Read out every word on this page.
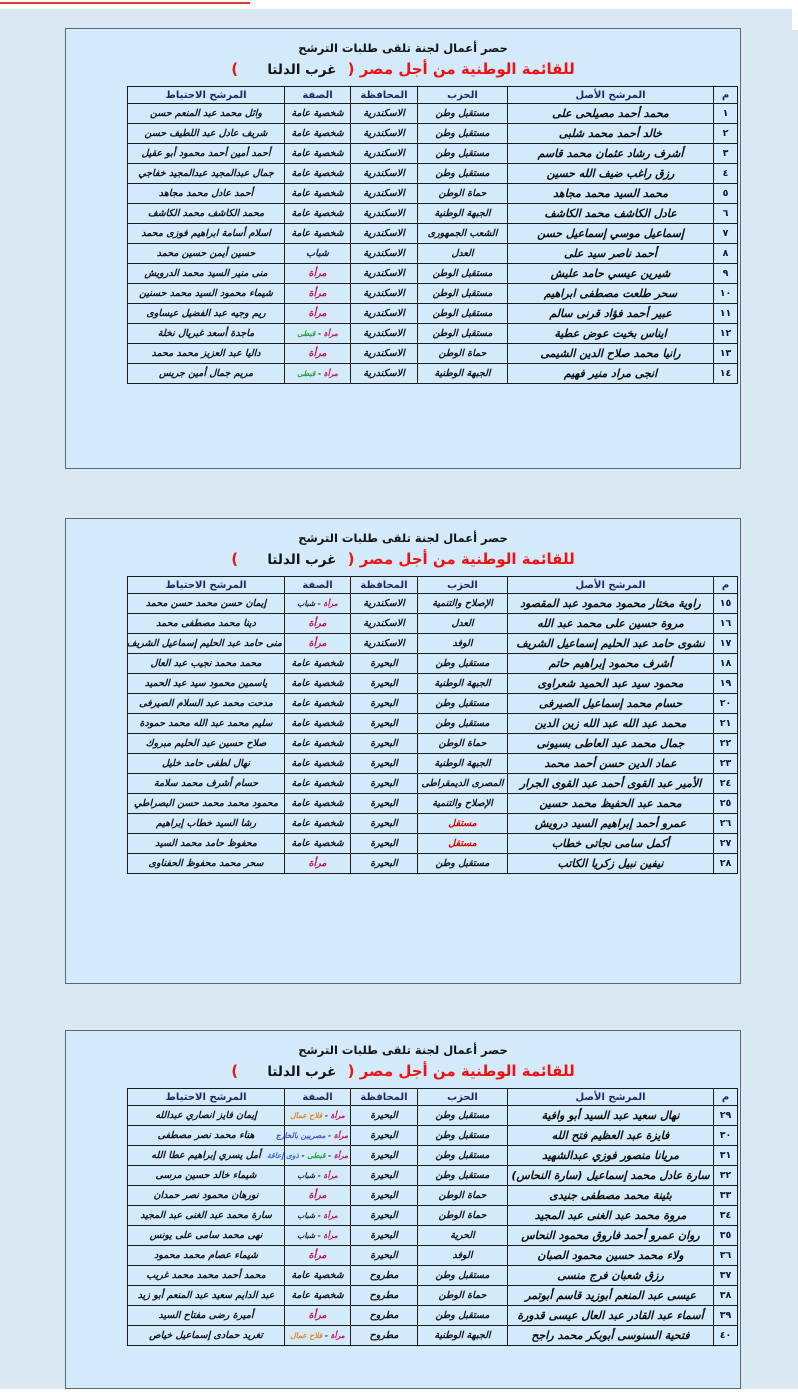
حصر أعمال لجنة تلقى طلبات الترشح
للقائمة الوطنية من أجل مصر ( غرب الدلتا )
م	المرشح الأصل	الحزب	المحافظة	الصفة	المرشح الاحتياط
١	محمد أحمد مصيلحى على	مستقبل وطن	الاسكندرية	شخصية عامة	وائل محمد عبد المنعم حسن
٢	خالد أحمد محمد شلبى	مستقبل وطن	الاسكندرية	شخصية عامة	شريف عادل عبد اللطيف حسن
٣	أشرف رشاد عثمان محمد قاسم	مستقبل وطن	الاسكندرية	شخصية عامة	أحمد أمين أحمد محمود أبو عقيل
٤	رزق راغب ضيف الله حسين	مستقبل وطن	الاسكندرية	شخصية عامة	جمال عبدالمجيد عبدالمجيد خفاجي
٥	محمد السيد محمد مجاهد	حماة الوطن	الاسكندرية	شخصية عامة	أحمد عادل محمد مجاهد
٦	عادل الكاشف محمد الكاشف	الجبهة الوطنية	الاسكندرية	شخصية عامة	محمد الكاشف محمد الكاشف
٧	إسماعيل موسي إسماعيل حسن	الشعب الجمهورى	الاسكندرية	شخصية عامة	اسلام أسامة ابراهيم فوزى محمد
٨	أحمد ناصر سيد على	العدل	الاسكندرية	شباب	حسين أيمن حسين محمد
٩	شيرين عيسي حامد عليش	مستقبل الوطن	الاسكندرية	مرأة	منى منير السيد محمد الدرويش
١٠	سحر طلعت مصطفى ابراهيم	مستقبل الوطن	الاسكندرية	مرأة	شيماء محمود السيد محمد حسنين
١١	عبير أحمد فؤاد قرنى سالم	مستقبل الوطن	الاسكندرية	مرأة	ريم وجيه عبد الفضيل عيساوى
١٢	ايناس بخيت عوض عطية	مستقبل الوطن	الاسكندرية	مرأة - قبطى	ماجدة أسعد غبريال نخلة
١٣	رانيا محمد صلاح الدين الشيمى	حماة الوطن	الاسكندرية	مرأة	داليا عبد العزيز محمد محمد
١٤	انجى مراد منير فهيم	الجبهة الوطنية	الاسكندرية	مرأة - قبطى	مريم جمال أمين جريس
حصر أعمال لجنة تلقى طلبات الترشح
للقائمة الوطنية من أجل مصر ( غرب الدلتا )
م	المرشح الأصل	الحزب	المحافظة	الصفة	المرشح الاحتياط
١٥	راوية مختار محمود محمود عبد المقصود	الإصلاح والتنمية	الاسكندرية	مرأة - شباب	إيمان حسن محمد حسن محمد
١٦	مروة حسين على محمد عبد الله	العدل	الاسكندرية	مرأة	دينا محمد مصطفى محمد
١٧	نشوى حامد عبد الحليم إسماعيل الشريف	الوفد	الاسكندرية	مرأة	منى حامد عبد الحليم إسماعيل الشريف
١٨	أشرف محمود إبراهيم حاتم	مستقبل وطن	البحيرة	شخصية عامة	محمد محمد نجيب عبد العال
١٩	محمود سيد عبد الحميد شعراوى	الجبهة الوطنية	البحيرة	شخصية عامة	ياسمين محمود سيد عبد الحميد
٢٠	حسام محمد إسماعيل الصيرفى	مستقبل وطن	البحيرة	شخصية عامة	مدحت محمد عبد السلام الصيرفى
٢١	محمد عبد الله عبد الله زين الدين	مستقبل وطن	البحيرة	شخصية عامة	سليم محمد عبد الله محمد حمودة
٢٢	جمال محمد عبد العاطى بسيونى	حماة الوطن	البحيرة	شخصية عامة	صلاح حسين عبد الحليم مبروك
٢٣	عماد الدين حسن أحمد محمد	الجبهة الوطنية	البحيرة	شخصية عامة	نهال لطفى حامد خليل
٢٤	الأمير عبد القوى أحمد عبد القوى الجرار	المصرى الديمقراطى	البحيرة	شخصية عامة	حسام أشرف محمد سلامة
٢٥	محمد عبد الحفيظ محمد حسين	الإصلاح والتنمية	البحيرة	شخصية عامة	محمود محمد محمد حسن البصراطي
٢٦	عمرو أحمد إبراهيم السيد درويش	مستقل	البحيرة	شخصية عامة	رشا السيد خطاب إبراهيم
٢٧	أكمل سامى نجاتى خطاب	مستقل	البحيرة	شخصية عامة	محفوظ حامد محمد السيد
٢٨	نيفين نبيل زكريا الكاتب	مستقبل وطن	البحيرة	مرأة	سحر محمد محفوظ الحفناوى
حصر أعمال لجنة تلقى طلبات الترشح
للقائمة الوطنية من أجل مصر ( غرب الدلتا )
م	المرشح الأصل	الحزب	المحافظة	الصفة	المرشح الاحتياط
٢٩	نهال سعيد عبد السيد أبو وافية	مستقبل وطن	البحيرة	مرأة - فلاح عمال	إيمان فايز انصاري عبدالله
٣٠	فايزة عبد العظيم فتح الله	مستقبل وطن	البحيرة	مرأة - مصريين بالخارج	هناء محمد نصر مصطفى
٣١	مريانا منصور فوزي عبدالشهيد	مستقبل وطن	البحيرة	مرأة - قبطى - ذوى إعاقة	أمل يسري إبراهيم عطا الله
٣٢	سارة عادل محمد إسماعيل (سارة النحاس)	مستقبل وطن	البحيرة	مرأة - شباب	شيماء خالد حسين مرسى
٣٣	بثينة محمد مصطفى جنيدى	حماة الوطن	البحيرة	مرأة	نورهان محمود نصر حمدان
٣٤	مروة محمد عبد الغنى عبد المجيد	حماة الوطن	البحيرة	مرأة - شباب	سارة محمد عبد الغنى عبد المجيد
٣٥	روان عمرو أحمد فاروق محمود النحاس	الحرية	البحيرة	مرأة - شباب	نهى محمد سامى على يونس
٣٦	ولاء محمد حسين محمود الصبان	الوفد	البحيرة	مرأة	شيماء عصام محمد محمود
٣٧	رزق شعبان فرج منسى	مستقبل وطن	مطروح	شخصية عامة	محمد أحمد محمد محمد غريب
٣٨	عيسى عبد المنعم أبوزيد قاسم أبوتمر	حماة الوطن	مطروح	شخصية عامة	عبد الدايم سعيد عبد المنعم أبو زيد
٣٩	أسماء عبد القادر عبد العال عيسى قدورة	مستقبل وطن	مطروح	مرأة	أميرة رضى مفتاح السيد
٤٠	فتحية السنوسى أبوبكر محمد راجح	الجبهة الوطنية	مطروح	مرأة - فلاح عمال	تغريد حمادى إسماعيل خياص
